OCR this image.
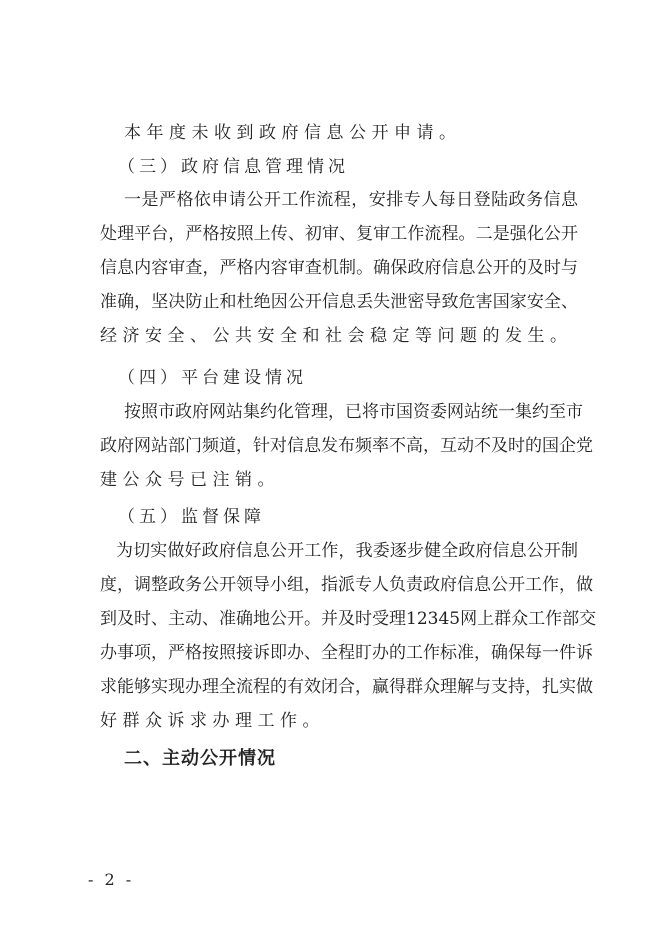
本年度未收到政府信息公开申请。
（三）政府信息管理情况
一是严格依申请公开工作流程，安排专人每日登陆政务信息
处理平台，严格按照上传、初审、复审工作流程。二是强化公开
信息内容审查，严格内容审查机制。确保政府信息公开的及时与
准确，坚决防止和杜绝因公开信息丢失泄密导致危害国家安全、
经济安全、公共安全和社会稳定等问题的发生。
（四）平台建设情况
按照市政府网站集约化管理，已将市国资委网站统一集约至市
政府网站部门频道，针对信息发布频率不高，互动不及时的国企党
建公众号已注销。
（五）监督保障
为切实做好政府信息公开工作，我委逐步健全政府信息公开制
度，调整政务公开领导小组，指派专人负责政府信息公开工作，做
到及时、主动、准确地公开。并及时受理12345网上群众工作部交
办事项，严格按照接诉即办、全程盯办的工作标准，确保每一件诉
求能够实现办理全流程的有效闭合，赢得群众理解与支持，扎实做
好群众诉求办理工作。
二、主动公开情况
- 2 -
